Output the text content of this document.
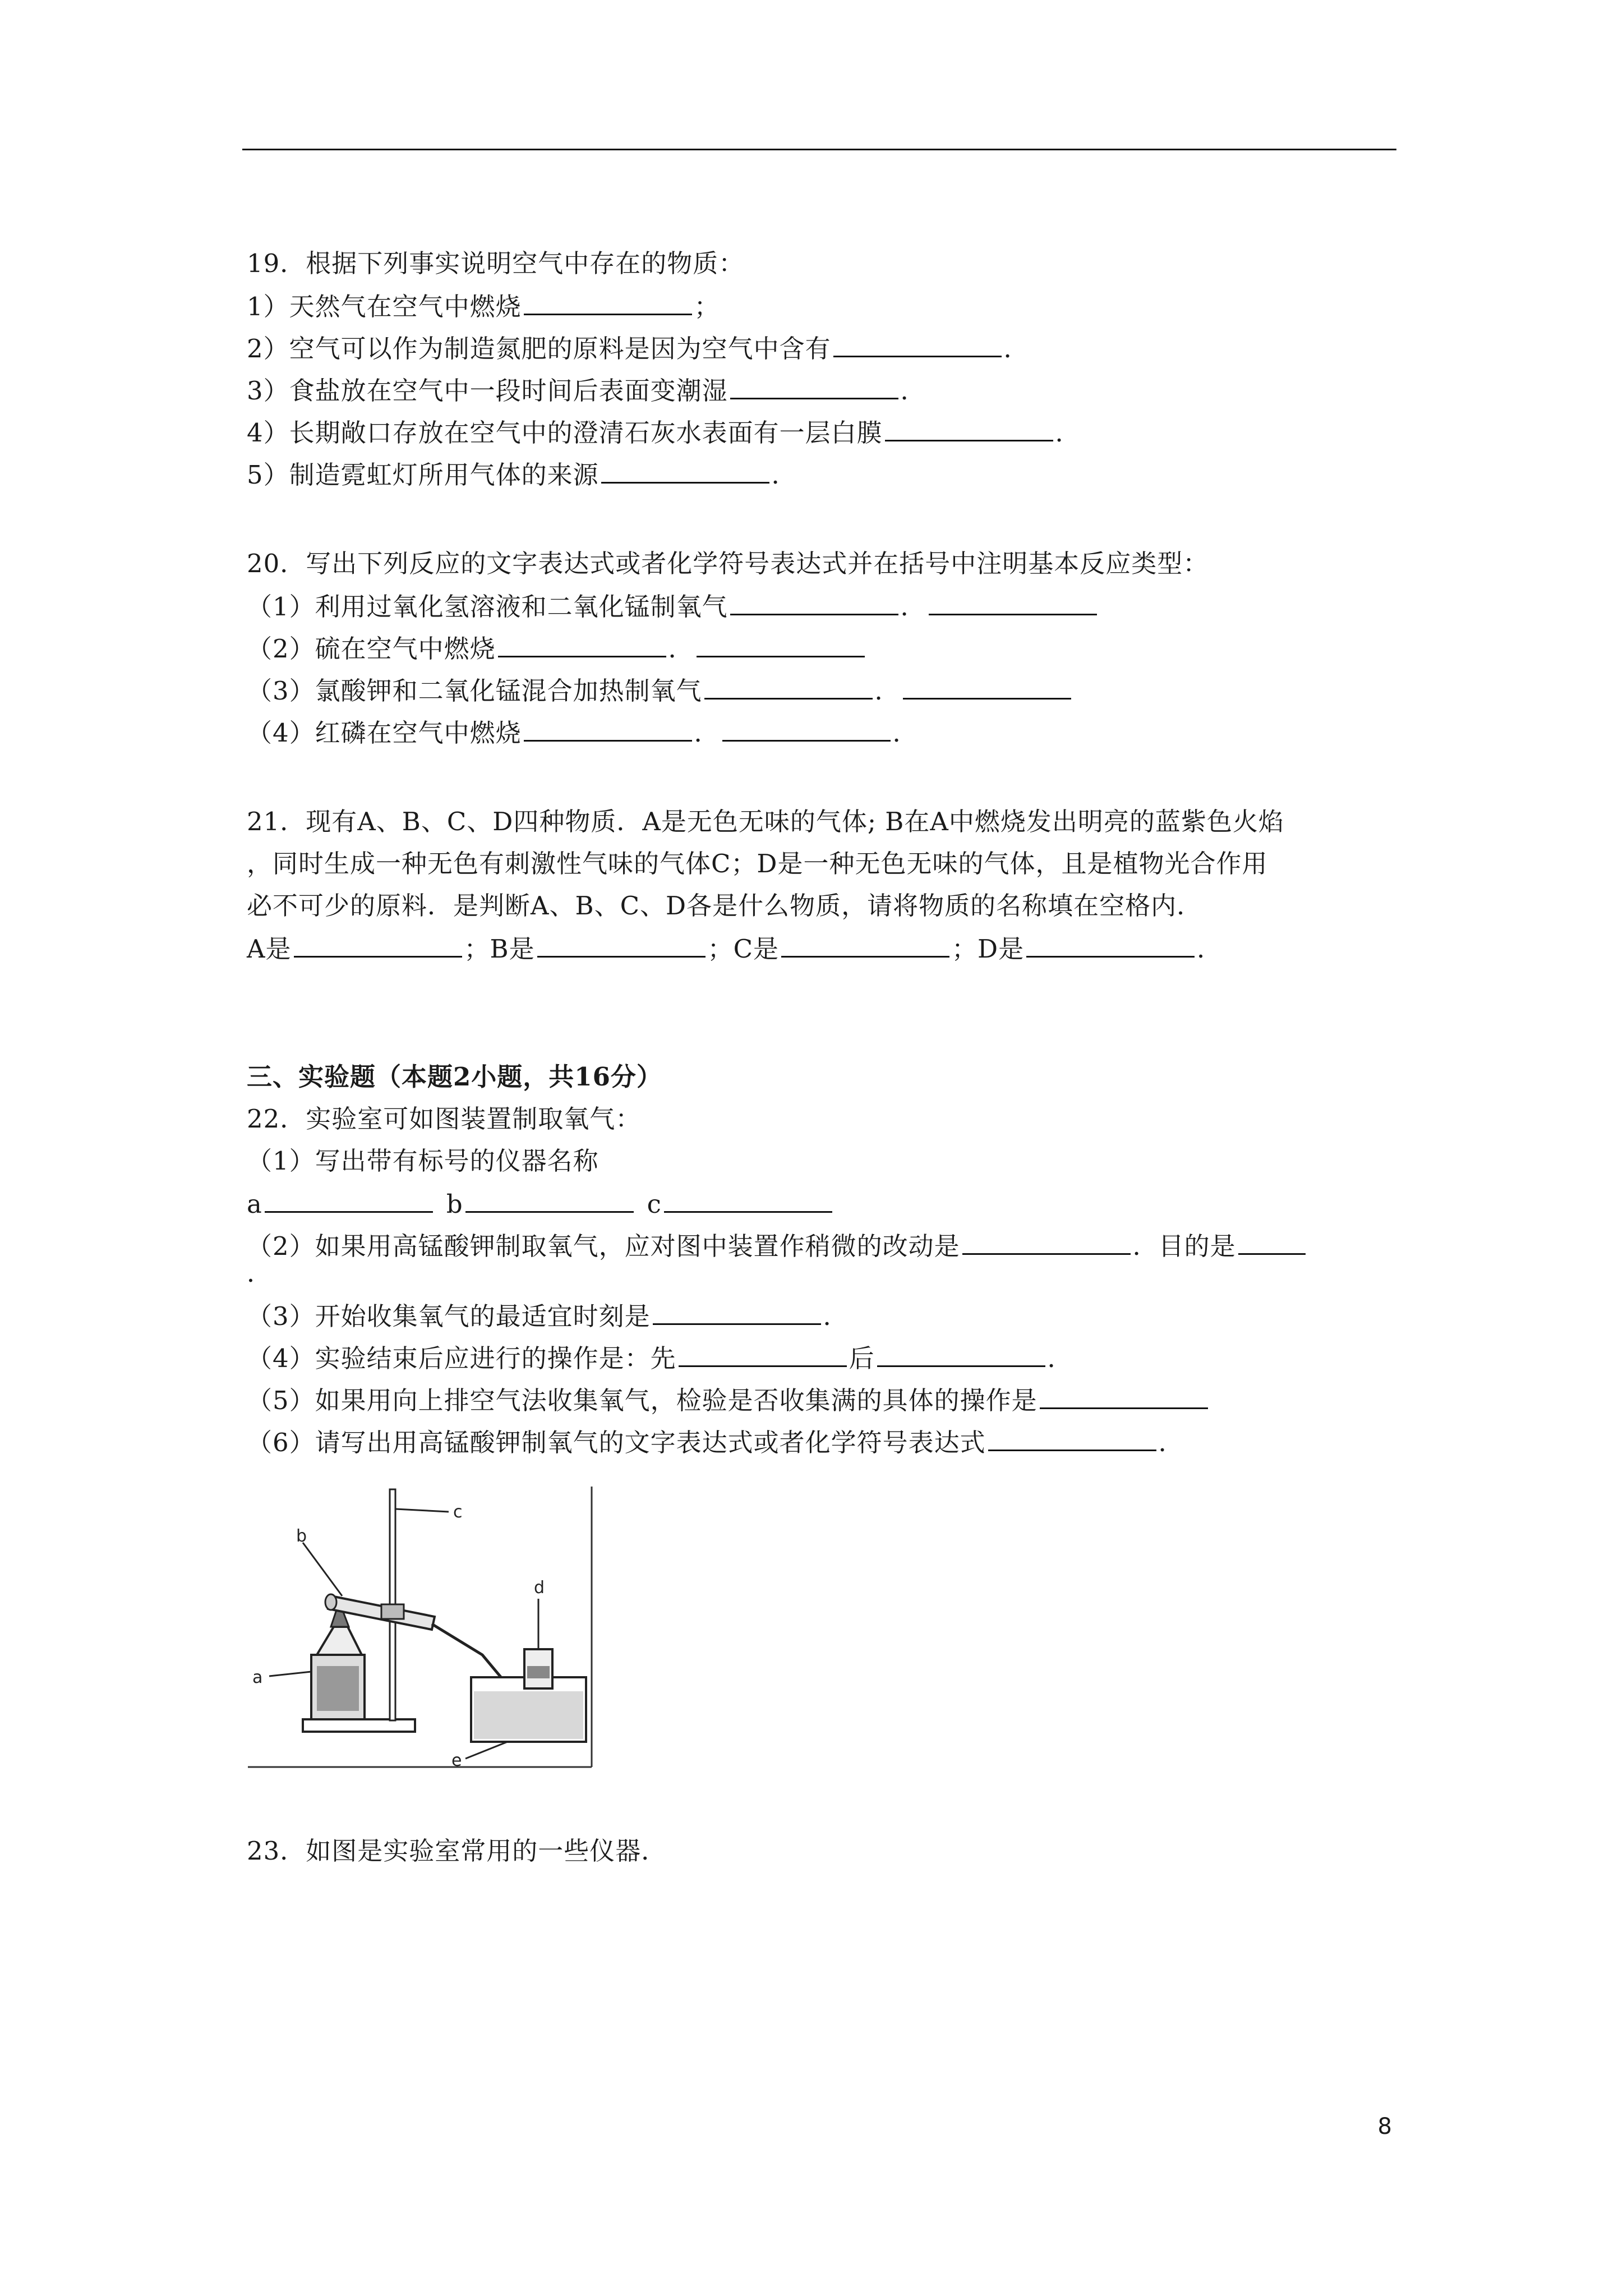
19．根据下列事实说明空气中存在的物质：
1）天然气在空气中燃烧	；
2）空气可以作为制造氮肥的原料是因为空气中含有	．
3）食盐放在空气中一段时间后表面变潮湿	．
4）长期敞口存放在空气中的澄清石灰水表面有一层白膜	．
5）制造霓虹灯所用气体的来源	．
20．写出下列反应的文字表达式或者化学符号表达式并在括号中注明基本反应类型：
（1）利用过氧化氢溶液和二氧化锰制氧气	．
（2）硫在空气中燃烧	．
（3）氯酸钾和二氧化锰混合加热制氧气	．
（4）红磷在空气中燃烧	．	．
21．现有A、B、C、D四种物质．A是无色无味的气体; B在A中燃烧发出明亮的蓝紫色火焰
，同时生成一种无色有刺激性气味的气体C；D是一种无色无味的气体，且是植物光合作用
必不可少的原料．是判断A、B、C、D各是什么物质，请将物质的名称填在空格内．
A是	；B是	；C是	；D是	．
三、实验题（本题2小题，共16分）
22．实验室可如图装置制取氧气：
（1）写出带有标号的仪器名称
a	b	c
（2）如果用高锰酸钾制取氧气，应对图中装置作稍微的改动是	．目的是
．
（3）开始收集氧气的最适宜时刻是	．
（4）实验结束后应进行的操作是：先	后	．
（5）如果用向上排空气法收集氧气，检验是否收集满的具体的操作是
（6）请写出用高锰酸钾制氧气的文字表达式或者化学符号表达式	．
b
c
a
d
e
23．如图是实验室常用的一些仪器．
8
